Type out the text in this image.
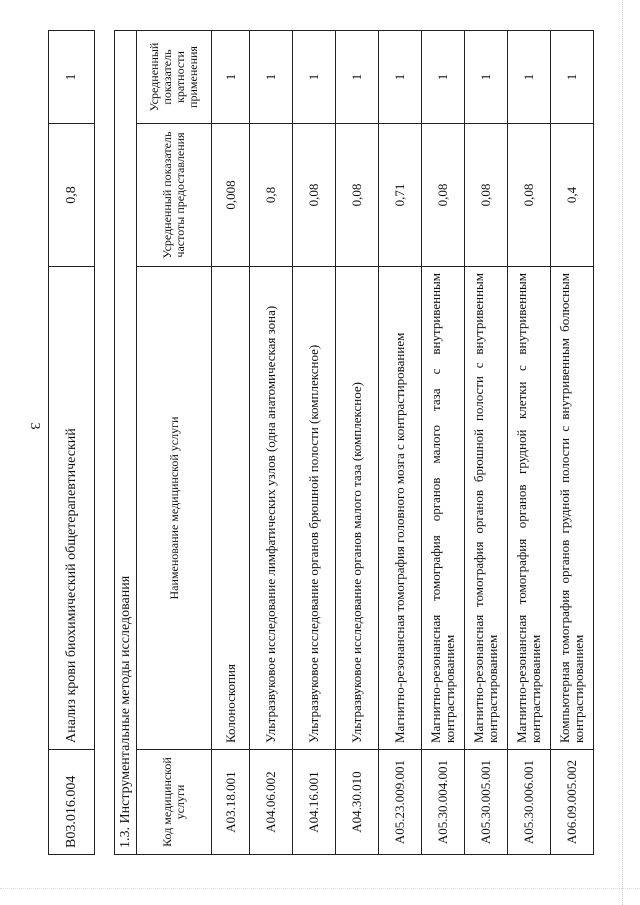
3
B03.016.004	Анализ крови биохимический общетерапевтический	0,8	1
1.3. Инструментальные методы исследования			
Код медицинской услуги	Наименование медицинской услуги	Усредненный показатель частоты предоставления	Усредненный показатель кратности применения
A03.18.001	Колоноскопия	0,008	1
A04.06.002	Ультразвуковое исследование лимфатических узлов (одна анатомическая зона)	0,8	1
A04.16.001	Ультразвуковое исследование органов брюшной полости (комплексное)	0,08	1
A04.30.010	Ультразвуковое исследование органов малого таза (комплексное)	0,08	1
A05.23.009.001	Магнитно-резонансная томография головного мозга с контрастированием	0,71	1
A05.30.004.001	Магнитно-резонансная томография органов малого таза с внутривенным контрастированием	0,08	1
A05.30.005.001	Магнитно-резонансная томография органов брюшной полости с внутривенным контрастированием	0,08	1
A05.30.006.001	Магнитно-резонансная томография органов грудной клетки с внутривенным контрастированием	0,08	1
A06.09.005.002	Компьютерная томография органов грудной полости с внутривенным болюсным контрастированием	0,4	1
